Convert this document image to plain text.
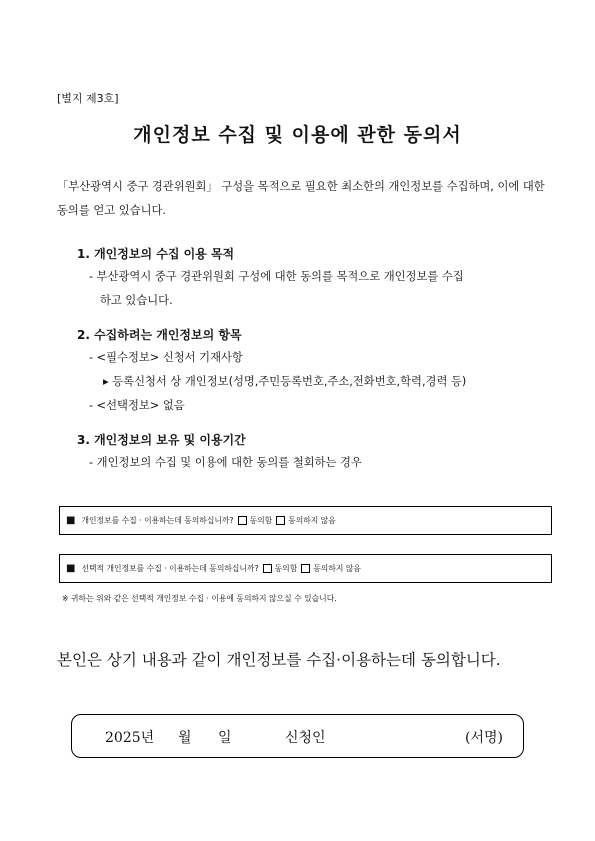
[별지 제3호]
개인정보 수집 및 이용에 관한 동의서
「부산광역시 중구 경관위원회」 구성을 목적으로 필요한 최소한의 개인정보를 수집하며, 이에 대한 동의를 얻고 있습니다.
1. 개인정보의 수집 이용 목적
- 부산광역시 중구 경관위원회 구성에 대한 동의를 목적으로 개인정보를 수집
하고 있습니다.
2. 수집하려는 개인정보의 항목
- <필수정보> 신청서 기재사항
▸ 등록신청서 상 개인정보(성명,주민등록번호,주소,전화번호,학력,경력 등)
- <선택정보> 없음
3. 개인정보의 보유 및 이용기간
- 개인정보의 수집 및 이용에 대한 동의를 철회하는 경우
■ 개인정보를 수집 · 이용하는데 동의하십니까? 동의함 동의하지 않음
■ 선택적 개인정보를 수집 · 이용하는데 동의하십니까? 동의함 동의하지 않음
※ 귀하는 위와 같은 선택적 개인정보 수집 · 이용에 동의하지 않으실 수 있습니다.
본인은 상기 내용과 같이 개인정보를 수집·이용하는데 동의합니다.
2025년 월 일	신청인	(서명)
